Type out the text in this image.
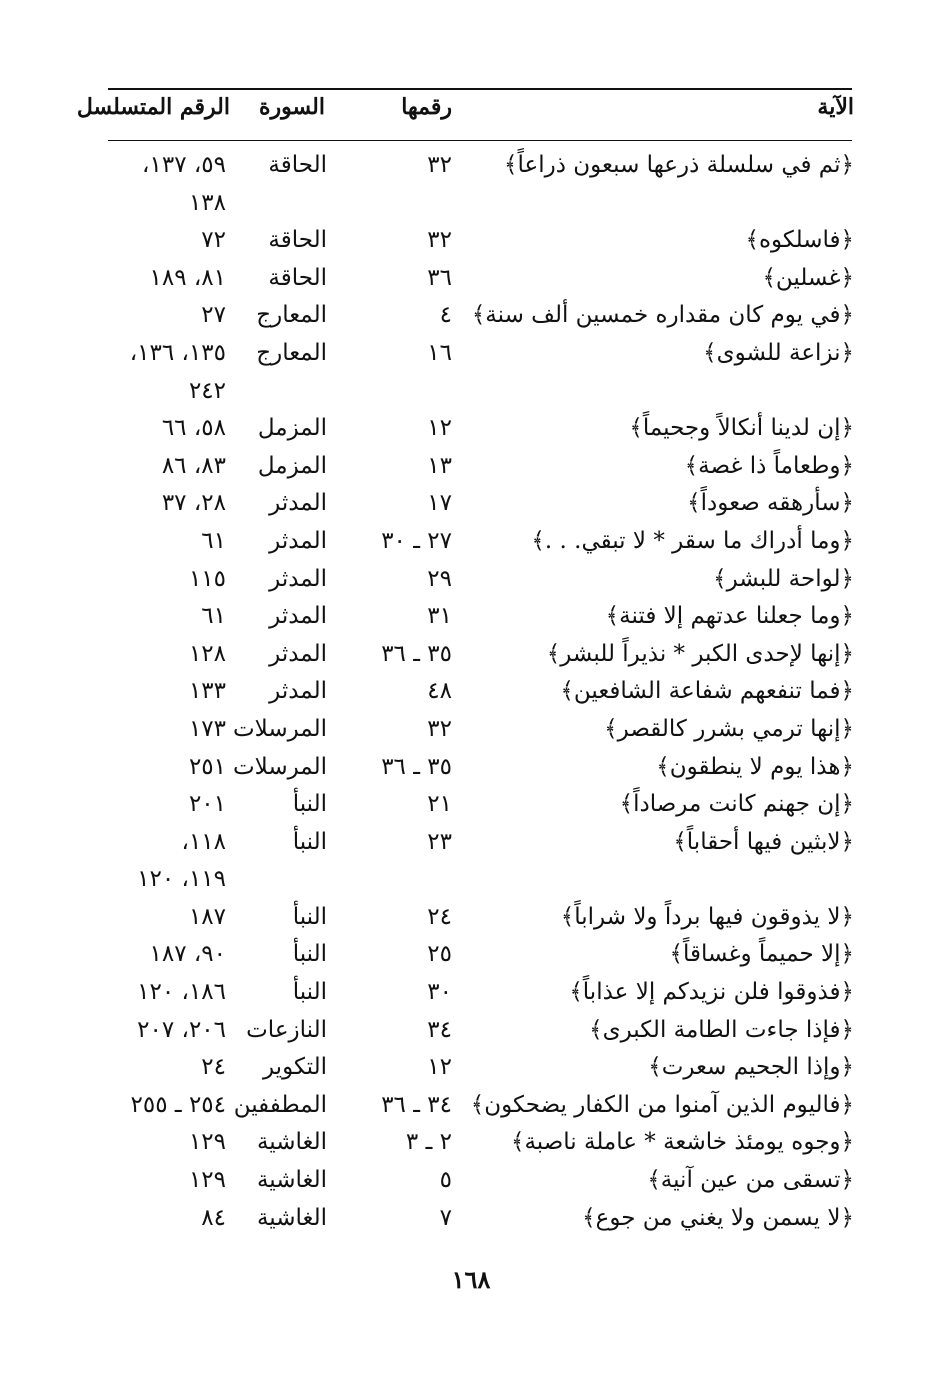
الآية
رقمها
السورة
الرقم المتسلسل
﴿ثم في سلسلة ذرعها سبعون ذراعاً﴾
٣٢
الحاقة
٥٩، ١٣٧،
١٣٨
﴿فاسلكوه﴾
٣٢
الحاقة
٧٢
﴿غسلين﴾
٣٦
الحاقة
٨١، ١٨٩
﴿في يوم كان مقداره خمسين ألف سنة﴾
٤
المعارج
٢٧
﴿نزاعة للشوى﴾
١٦
المعارج
١٣٥، ١٣٦،
٢٤٢
﴿إن لدينا أنكالاً وجحيماً﴾
١٢
المزمل
٥٨، ٦٦
﴿وطعاماً ذا غصة﴾
١٣
المزمل
٨٣، ٨٦
﴿سأرهقه صعوداً﴾
١٧
المدثر
٢٨، ٣٧
﴿وما أدراك ما سقر * لا تبقي. . .﴾
٢٧ ـ ٣٠
المدثر
٦١
﴿لواحة للبشر﴾
٢٩
المدثر
١١٥
﴿وما جعلنا عدتهم إلا فتنة﴾
٣١
المدثر
٦١
﴿إنها لإحدى الكبر * نذيراً للبشر﴾
٣٥ ـ ٣٦
المدثر
١٢٨
﴿فما تنفعهم شفاعة الشافعين﴾
٤٨
المدثر
١٣٣
﴿إنها ترمي بشرر كالقصر﴾
٣٢
المرسلات
١٧٣
﴿هذا يوم لا ينطقون﴾
٣٥ ـ ٣٦
المرسلات
٢٥١
﴿إن جهنم كانت مرصاداً﴾
٢١
النبأ
٢٠١
﴿لابثين فيها أحقاباً﴾
٢٣
النبأ
١١٨،
١١٩، ١٢٠
﴿لا يذوقون فيها برداً ولا شراباً﴾
٢٤
النبأ
١٨٧
﴿إلا حميماً وغساقاً﴾
٢٥
النبأ
٩٠، ١٨٧
﴿فذوقوا فلن نزيدكم إلا عذاباً﴾
٣٠
النبأ
١٨٦، ١٢٠
﴿فإذا جاءت الطامة الكبرى﴾
٣٤
النازعات
٢٠٦، ٢٠٧
﴿وإذا الجحيم سعرت﴾
١٢
التكوير
٢٤
﴿فاليوم الذين آمنوا من الكفار يضحكون﴾
٣٤ ـ ٣٦
المطففين
٢٥٤ ـ ٢٥٥
﴿وجوه يومئذ خاشعة * عاملة ناصبة﴾
٢ ـ ٣
الغاشية
١٢٩
﴿تسقى من عين آنية﴾
٥
الغاشية
١٢٩
﴿لا يسمن ولا يغني من جوع﴾
٧
الغاشية
٨٤
١٦٨
